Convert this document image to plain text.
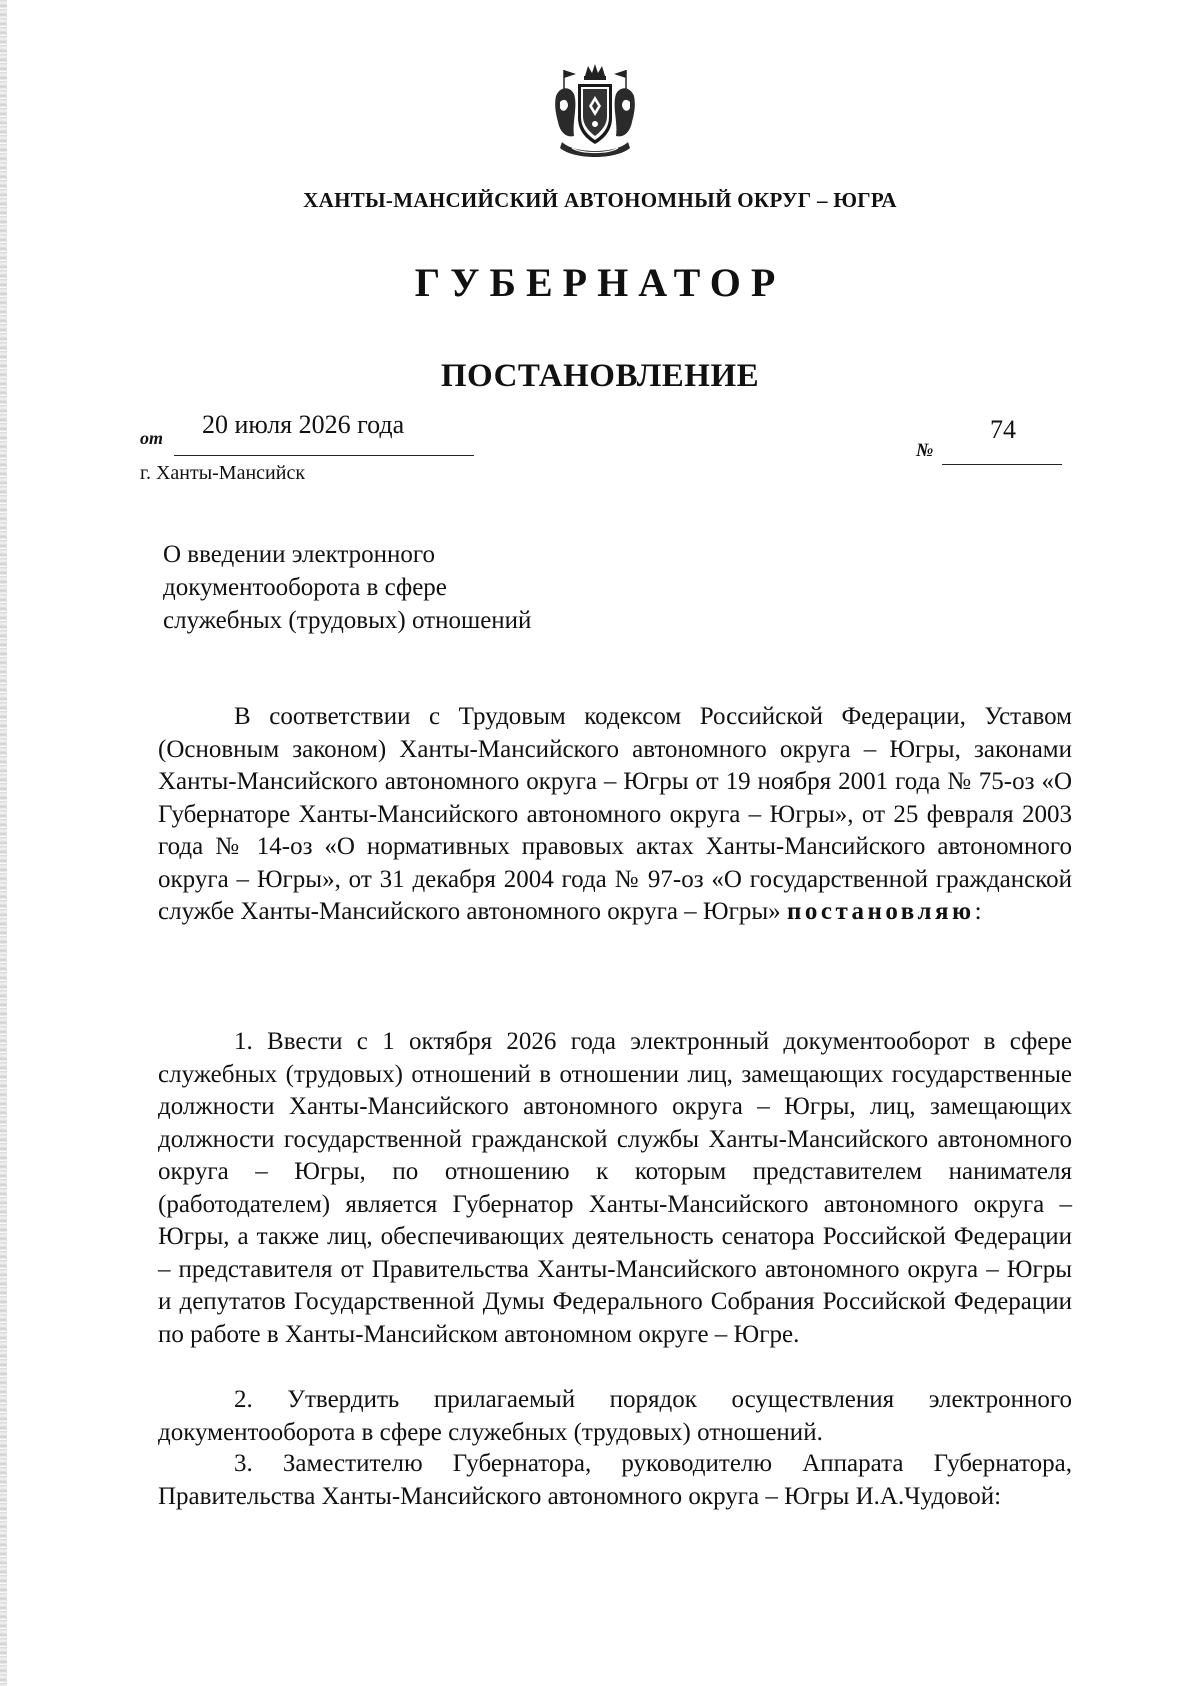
ХАНТЫ-МАНСИЙСКИЙ АВТОНОМНЫЙ ОКРУГ – ЮГРА
ГУБЕРНАТОР
ПОСТАНОВЛЕНИЕ
от 20 июля 2026 года
№
74
г. Ханты-Мансийск
О введении электронного
документооборота в сфере
служебных (трудовых) отношений
В соответствии с Трудовым кодексом Российской Федерации, Уставом (Основным законом) Ханты-Мансийского автономного округа – Югры, законами Ханты-Мансийского автономного округа – Югры от 19 ноября 2001 года № 75-оз «О Губернаторе Ханты-Мансийского автономного округа – Югры», от 25 февраля 2003 года № 14-оз «О нормативных правовых актах Ханты-Мансийского автономного округа – Югры», от 31 декабря 2004 года № 97-оз «О государственной гражданской службе Ханты-Мансийского автономного округа – Югры» постановляю:
1. Ввести с 1 октября 2026 года электронный документооборот в сфере служебных (трудовых) отношений в отношении лиц, замещающих государственные должности Ханты-Мансийского автономного округа – Югры, лиц, замещающих должности государственной гражданской службы Ханты-Мансийского автономного округа – Югры, по отношению к которым представителем нанимателя (работодателем) является Губернатор Ханты-Мансийского автономного округа – Югры, а также лиц, обеспечивающих деятельность сенатора Российской Федерации – представителя от Правительства Ханты-Мансийского автономного округа – Югры и депутатов Государственной Думы Федерального Собрания Российской Федерации по работе в Ханты-Мансийском автономном округе – Югре.
2. Утвердить прилагаемый порядок осуществления электронного документооборота в сфере служебных (трудовых) отношений.
3. Заместителю Губернатора, руководителю Аппарата Губернатора, Правительства Ханты-Мансийского автономного округа – Югры И.А.Чудовой:
